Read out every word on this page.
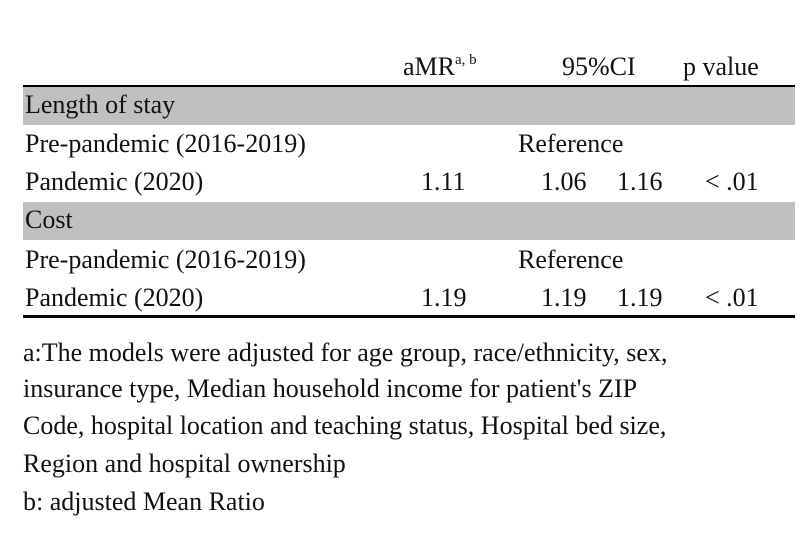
aMR$^{a, b}$	95%CI p value
Length of stay
Pre-pandemic (2016-2019)	Reference
Pandemic (2020)	1.11	1.06 1.16 < .01
Cost
Pre-pandemic (2016-2019)	Reference
Pandemic (2020)	1.19	1.19 1.19 < .01
a:The models were adjusted for age group, race/ethnicity, sex,
insurance type, Median household income for patient's ZIP
Code, hospital location and teaching status, Hospital bed size,
Region and hospital ownership
b: adjusted Mean Ratio
